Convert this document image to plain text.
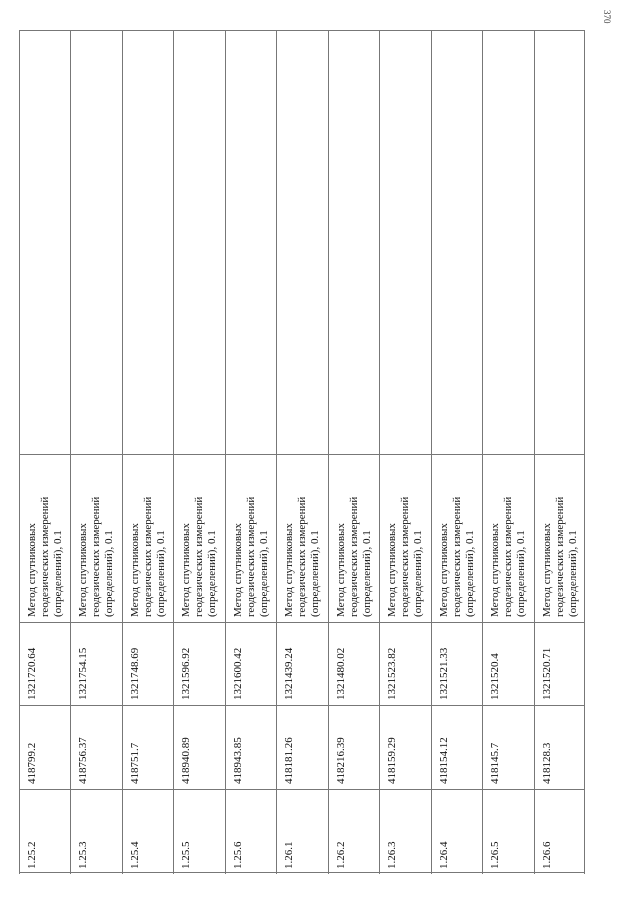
370
Метод спутниковых геодезических измерений (определений), 0.1
1321720.64
418799.2
1.25.2
Метод спутниковых геодезических измерений (определений), 0.1
1321754.15
418756.37
1.25.3
Метод спутниковых геодезических измерений (определений), 0.1
1321748.69
418751.7
1.25.4
Метод спутниковых геодезических измерений (определений), 0.1
1321596.92
418940.89
1.25.5
Метод спутниковых геодезических измерений (определений), 0.1
1321600.42
418943.85
1.25.6
Метод спутниковых геодезических измерений (определений), 0.1
1321439.24
418181.26
1.26.1
Метод спутниковых геодезических измерений (определений), 0.1
1321480.02
418216.39
1.26.2
Метод спутниковых геодезических измерений (определений), 0.1
1321523.82
418159.29
1.26.3
Метод спутниковых геодезических измерений (определений), 0.1
1321521.33
418154.12
1.26.4
Метод спутниковых геодезических измерений (определений), 0.1
1321520.4
418145.7
1.26.5
Метод спутниковых геодезических измерений (определений), 0.1
1321520.71
418128.3
1.26.6
